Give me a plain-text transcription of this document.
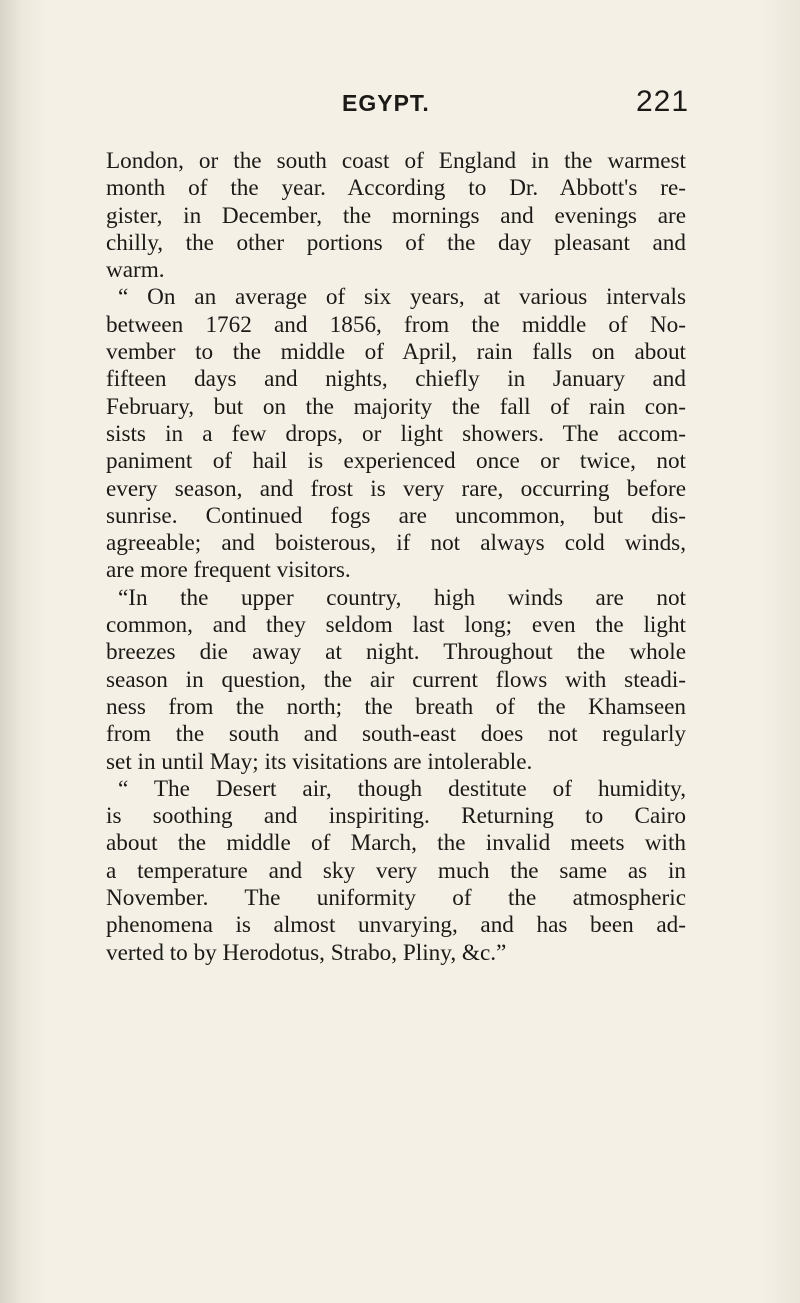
EGYPT.	221
London, or the south coast of England in the warmest
month of the year. According to Dr. Abbott's re-
gister, in December, the mornings and evenings are
chilly, the other portions of the day pleasant and
warm.
“ On an average of six years, at various intervals
between 1762 and 1856, from the middle of No-
vember to the middle of April, rain falls on about
fifteen days and nights, chiefly in January and
February, but on the majority the fall of rain con-
sists in a few drops, or light showers. The accom-
paniment of hail is experienced once or twice, not
every season, and frost is very rare, occurring before
sunrise. Continued fogs are uncommon, but dis-
agreeable; and boisterous, if not always cold winds,
are more frequent visitors.
“In the upper country, high winds are not
common, and they seldom last long; even the light
breezes die away at night. Throughout the whole
season in question, the air current flows with steadi-
ness from the north; the breath of the Khamseen
from the south and south-east does not regularly
set in until May; its visitations are intolerable.
“ The Desert air, though destitute of humidity,
is soothing and inspiriting. Returning to Cairo
about the middle of March, the invalid meets with
a temperature and sky very much the same as in
November. The uniformity of the atmospheric
phenomena is almost unvarying, and has been ad-
verted to by Herodotus, Strabo, Pliny, &c.”
